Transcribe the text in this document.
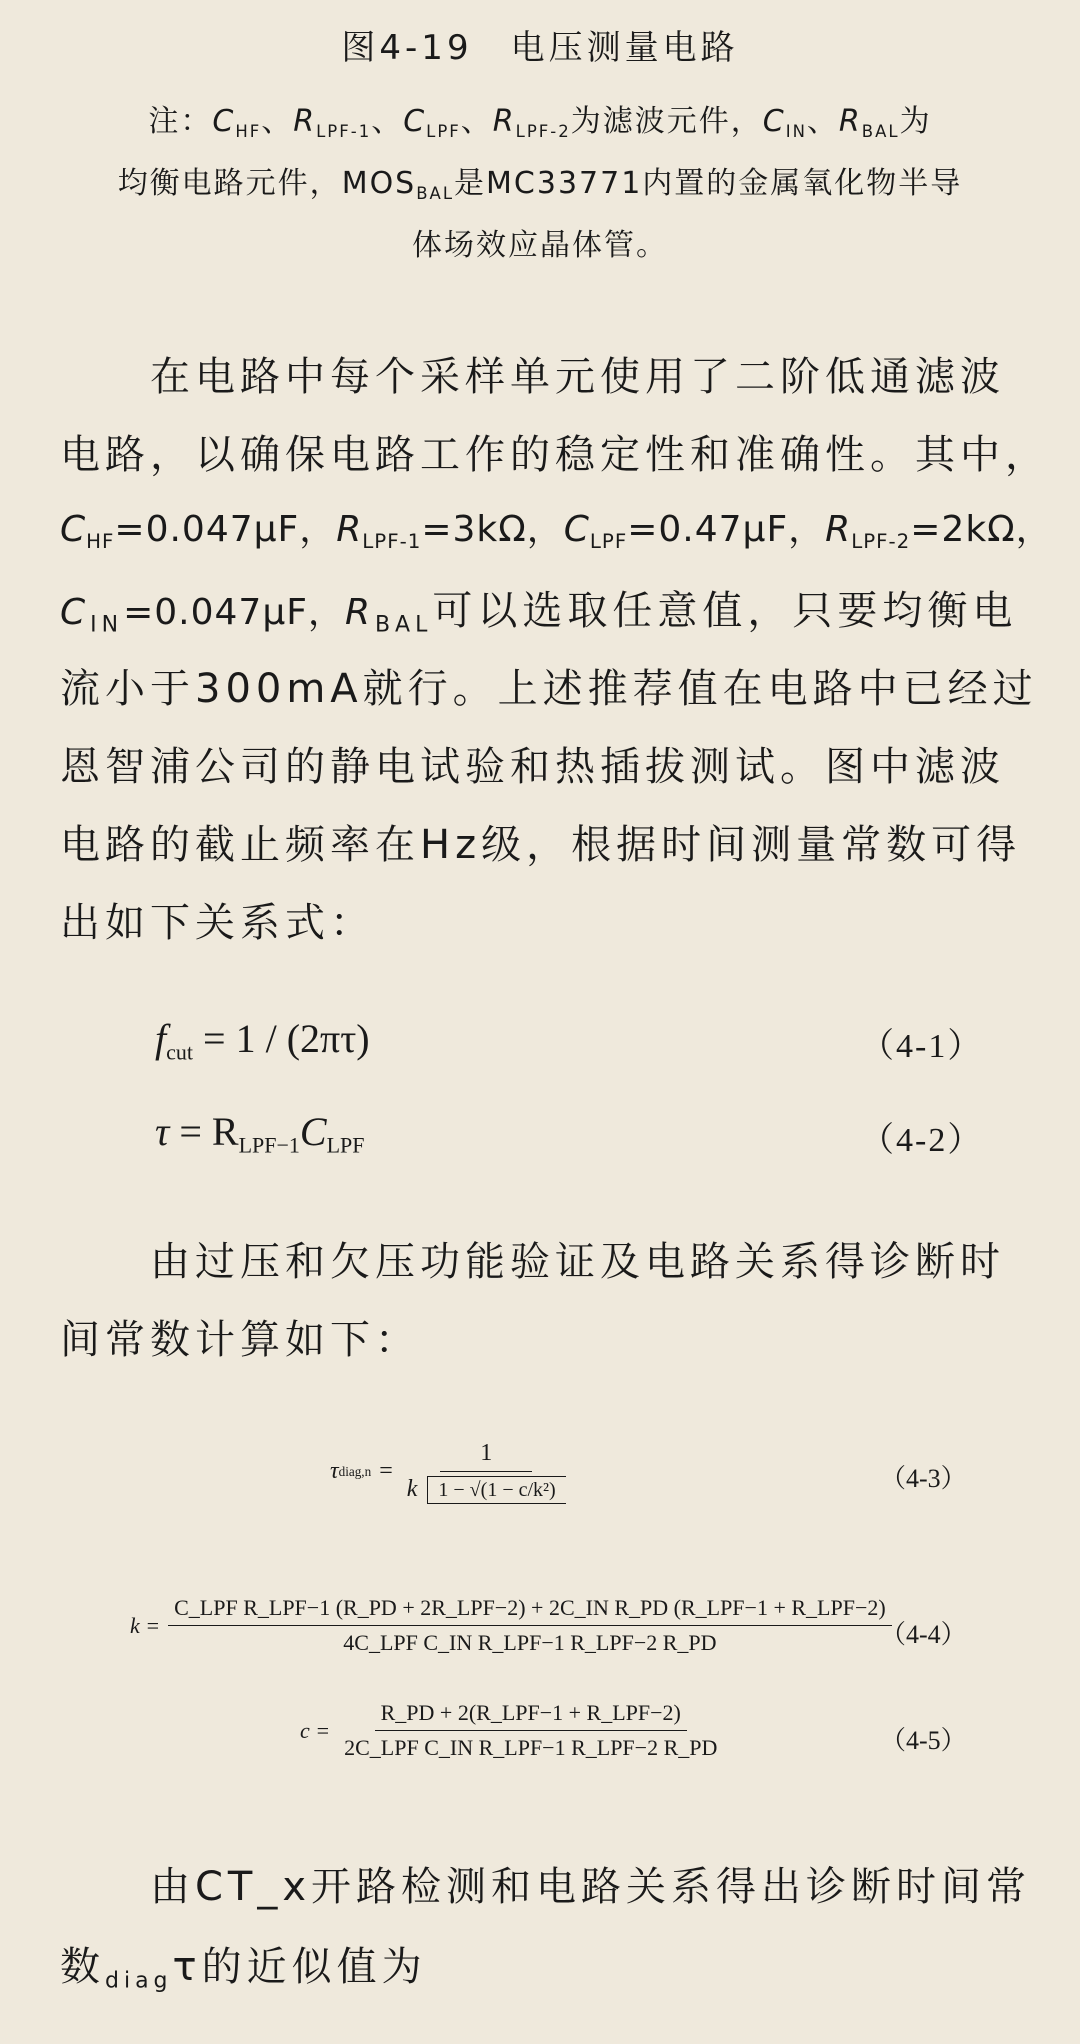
图4-19　电压测量电路
注：$C_{HF}$、$R_{LPF-1}$、$C_{LPF}$、$R_{LPF-2}$为滤波元件，$C_{IN}$、$R_{BAL}$为
均衡电路元件，$MOS_{BAL}$是MC33771内置的金属氧化物半导
体场效应晶体管。
在电路中每个采样单元使用了二阶低通滤波
电路，以确保电路工作的稳定性和准确性。其中，
$C_{HF}=0.047\mu F$，$R_{LPF-1}=3k\Omega$，$C_{LPF}=0.47\mu F$，$R_{LPF-2}=2k\Omega$，
$C_{IN}=0.047\mu F$，$R_{BAL}$可以选取任意值，只要均衡电
流小于300mA就行。上述推荐值在电路中已经过
恩智浦公司的静电试验和热插拔测试。图中滤波
电路的截止频率在Hz级，根据时间测量常数可得
出如下关系式：
$f_{cut} = 1 / (2\pi\tau)$	（4-1）
$\tau = R_{LPF-1}C_{LPF}$	（4-2）
由过压和欠压功能验证及电路关系得诊断时
间常数计算如下：
τ diag,n = $\frac{1}{\text{k 1 − √(1 − c/k²)}}$	（4-3）
k =
C_LPF R_LPF−1 (R_PD + 2R_LPF−2) + 2C_IN R_PD (R_LPF−1 + R_LPF−2)
4C_LPF C_IN R_LPF−1 R_LPF−2 R_PD	（4-4）
$c = \frac{\text{R\_PD + 2(R\_LPF−1 + R\_LPF−2)}}{\text{2C\_LPF C\_IN R\_LPF−1 R\_LPF−2 R\_PD}}$	（4-5）
由CT_x开路检测和电路关系得出诊断时间常
数$_{diag}$τ的近似值为
